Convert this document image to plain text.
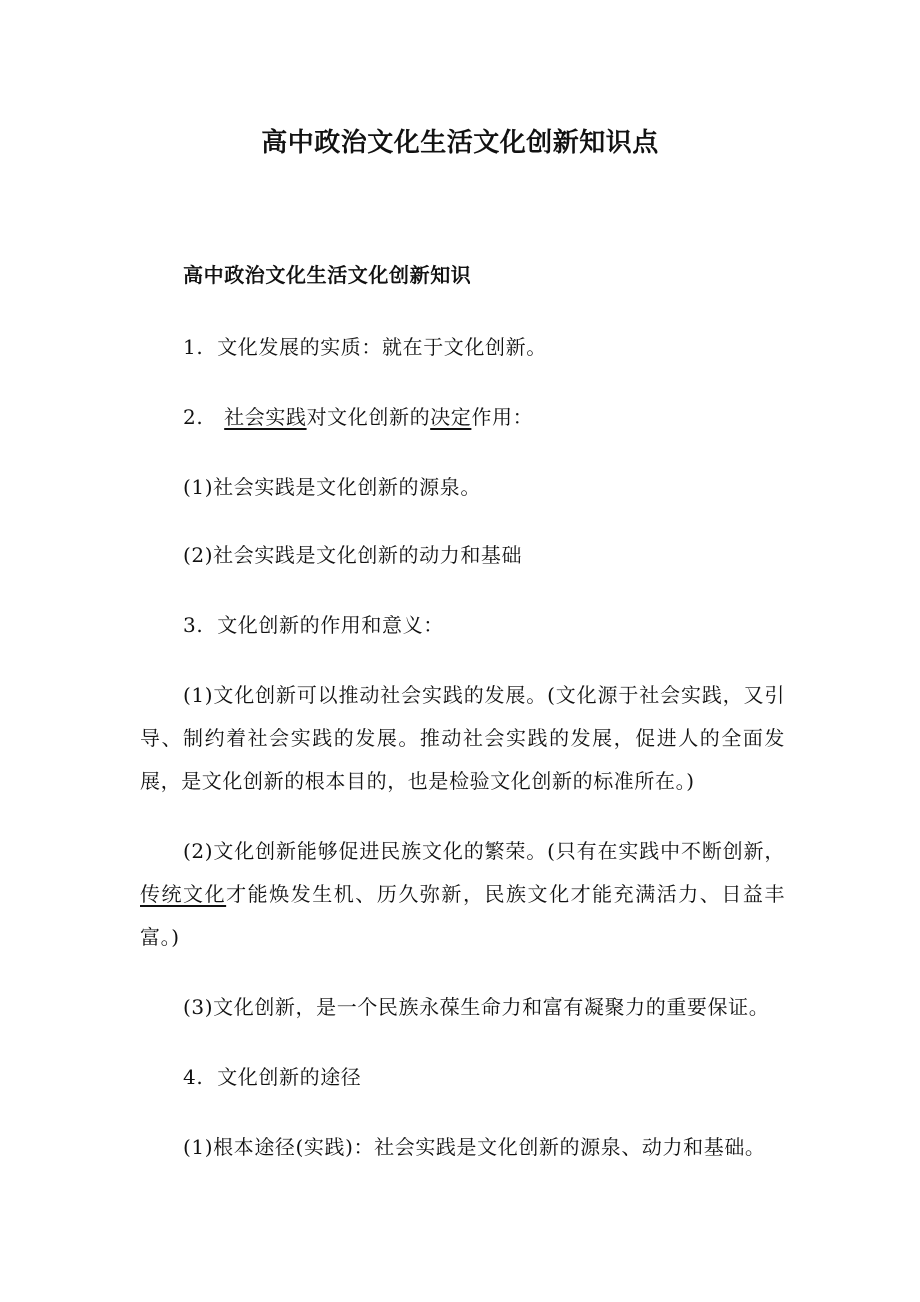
高中政治文化生活文化创新知识点
高中政治文化生活文化创新知识
1.  文化发展的实质：就在于文化创新。
2.   社会实践对文化创新的决定作用：
(1)社会实践是文化创新的源泉。
(2)社会实践是文化创新的动力和基础
3.  文化创新的作用和意义：
(1)文化创新可以推动社会实践的发展。(文化源于社会实践，又引导、制约着社会实践的发展。推动社会实践的发展，促进人的全面发展，是文化创新的根本目的，也是检验文化创新的标准所在。)
(2)文化创新能够促进民族文化的繁荣。(只有在实践中不断创新，传统文化才能焕发生机、历久弥新，民族文化才能充满活力、日益丰富。)
(3)文化创新，是一个民族永葆生命力和富有凝聚力的重要保证。
4.  文化创新的途径
(1)根本途径(实践)：社会实践是文化创新的源泉、动力和基础。
